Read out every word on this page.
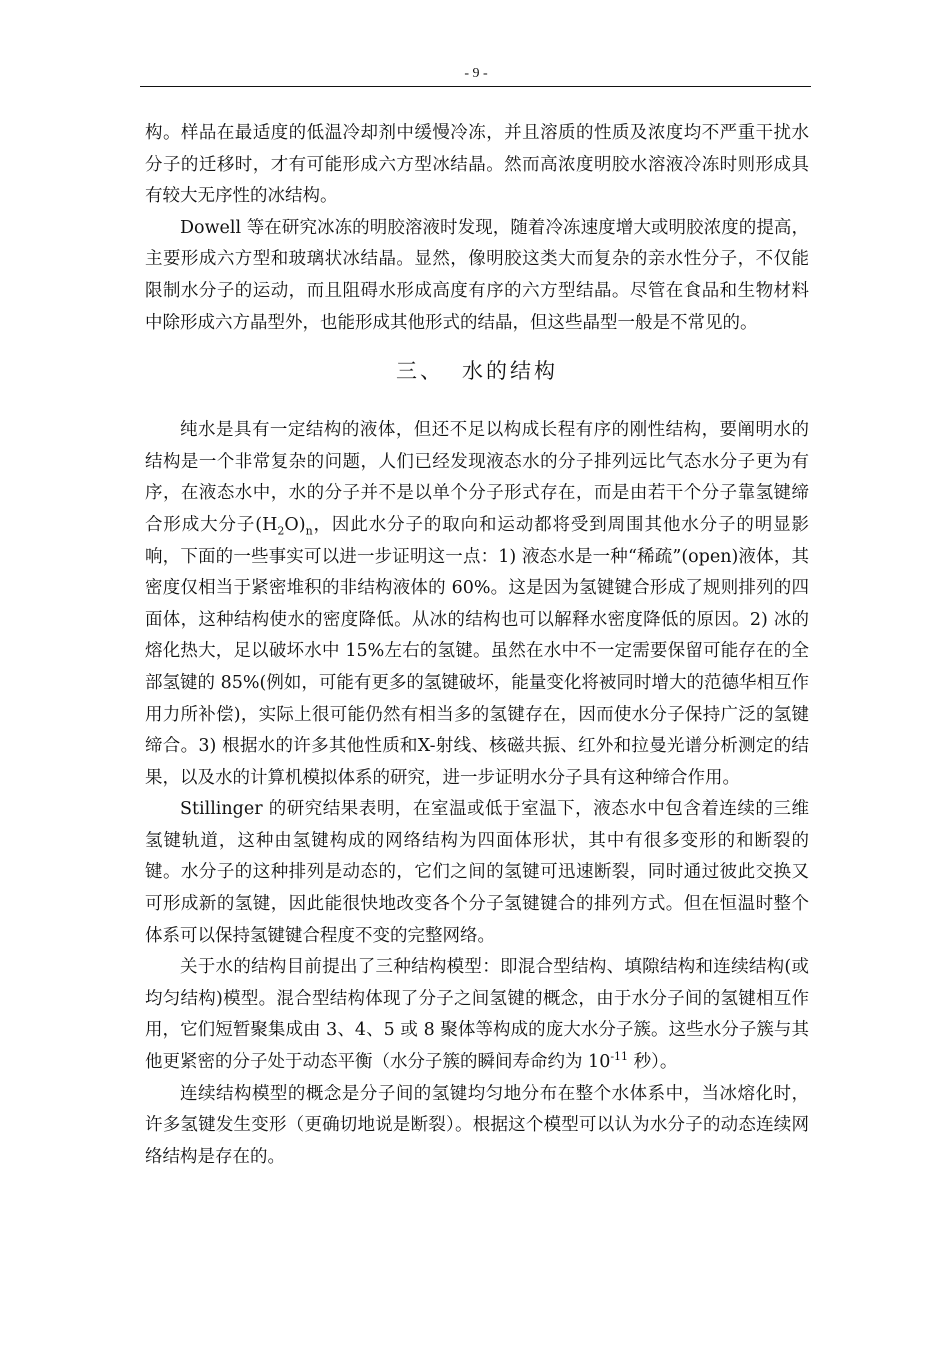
- 9 -

构。样品在最适度的低温冷却剂中缓慢冷冻，并且溶质的性质及浓度均不严重干扰水分子的迁移时，才有可能形成六方型冰结晶。然而高浓度明胶水溶液冷冻时则形成具有较大无序性的冰结构。

Dowell 等在研究冰冻的明胶溶液时发现，随着冷冻速度增大或明胶浓度的提高，主要形成六方型和玻璃状冰结晶。显然，像明胶这类大而复杂的亲水性分子，不仅能限制水分子的运动，而且阻碍水形成高度有序的六方型结晶。尽管在食品和生物材料中除形成六方晶型外，也能形成其他形式的结晶，但这些晶型一般是不常见的。

三、 水的结构

纯水是具有一定结构的液体，但还不足以构成长程有序的刚性结构，要阐明水的结构是一个非常复杂的问题，人们已经发现液态水的分子排列远比气态水分子更为有序，在液态水中，水的分子并不是以单个分子形式存在，而是由若干个分子靠氢键缔合形成大分子$(H_2O)_n$，因此水分子的取向和运动都将受到周围其他水分子的明显影响，下面的一些事实可以进一步证明这一点：1) 液态水是一种“稀疏”(open)液体，其密度仅相当于紧密堆积的非结构液体的 60%。这是因为氢键键合形成了规则排列的四面体，这种结构使水的密度降低。从冰的结构也可以解释水密度降低的原因。2) 冰的熔化热大，足以破坏水中 15%左右的氢键。虽然在水中不一定需要保留可能存在的全部氢键的 85%(例如，可能有更多的氢键破坏，能量变化将被同时增大的范德华相互作用力所补偿)，实际上很可能仍然有相当多的氢键存在，因而使水分子保持广泛的氢键缔合。3) 根据水的许多其他性质和X-射线、核磁共振、红外和拉曼光谱分析测定的结果，以及水的计算机模拟体系的研究，进一步证明水分子具有这种缔合作用。

Stillinger 的研究结果表明，在室温或低于室温下，液态水中包含着连续的三维氢键轨道，这种由氢键构成的网络结构为四面体形状，其中有很多变形的和断裂的键。水分子的这种排列是动态的，它们之间的氢键可迅速断裂，同时通过彼此交换又可形成新的氢键，因此能很快地改变各个分子氢键键合的排列方式。但在恒温时整个体系可以保持氢键键合程度不变的完整网络。

关于水的结构目前提出了三种结构模型：即混合型结构、填隙结构和连续结构(或均匀结构)模型。混合型结构体现了分子之间氢键的概念，由于水分子间的氢键相互作用，它们短暂聚集成由 3、4、5 或 8 聚体等构成的庞大水分子簇。这些水分子簇与其他更紧密的分子处于动态平衡（水分子簇的瞬间寿命约为 $10^{-11}$ 秒）。

连续结构模型的概念是分子间的氢键均匀地分布在整个水体系中，当冰熔化时，许多氢键发生变形（更确切地说是断裂）。根据这个模型可以认为水分子的动态连续网络结构是存在的。
